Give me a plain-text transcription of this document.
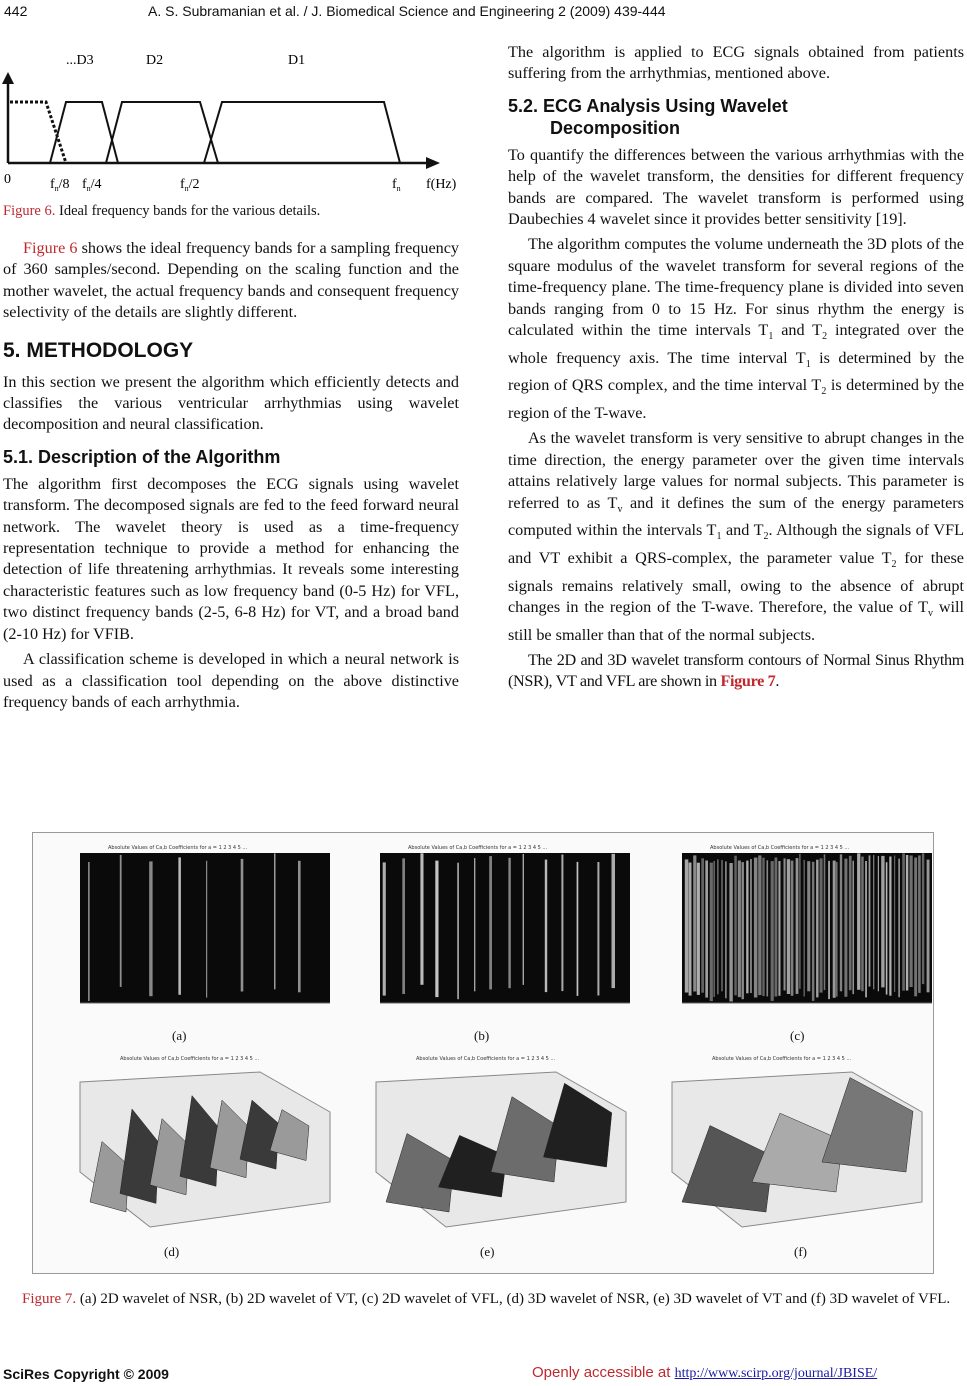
442	A. S. Subramanian et al. / J. Biomedical Science and Engineering 2 (2009) 439-444
...D3	D2	D1
0	$f_n/8$ $f_n/4$	$f_n/2$	$f_n$ f(Hz)
Figure 6. Ideal frequency bands for the various details.

Figure 6 shows the ideal frequency bands for a sampling frequency of 360 samples/second. Depending on the scaling function and the mother wavelet, the actual frequency bands and consequent frequency selectivity of the details are slightly different.

5. METHODOLOGY

In this section we present the algorithm which efficiently detects and classifies the various ventricular arrhythmias using wavelet decomposition and neural classification.

5.1. Description of the Algorithm

The algorithm first decomposes the ECG signals using wavelet transform. The decomposed signals are fed to the feed forward neural network. The wavelet theory is used as a time-frequency representation technique to provide a method for enhancing the detection of life threatening arrhythmias. It reveals some interesting characteristic features such as low frequency band (0-5 Hz) for VFL, two distinct frequency bands (2-5, 6-8 Hz) for VT, and a broad band (2-10 Hz) for VFIB.

A classification scheme is developed in which a neural network is used as a classification tool depending on the above distinctive frequency bands of each arrhythmia.

The algorithm is applied to ECG signals obtained from patients suffering from the arrhythmias, mentioned above.

5.2. ECG Analysis Using Wavelet
Decomposition

To quantify the differences between the various arrhythmias with the help of the wavelet transform, the densities for different frequency bands are compared. The wavelet transform is performed using Daubechies 4 wavelet since it provides better sensitivity [19].

The algorithm computes the volume underneath the 3D plots of the square modulus of the wavelet transform for several regions of the time-frequency plane. The time-frequency plane is divided into seven bands ranging from 0 to 15 Hz. For sinus rhythm the energy is calculated within the time intervals $T_1$ and $T_2$ integrated over the whole frequency axis. The time interval $T_1$ is determined by the region of QRS complex, and the time interval $T_2$ is determined by the region of the T-wave.

As the wavelet transform is very sensitive to abrupt changes in the time direction, the energy parameter over the given time intervals attains relatively large values for normal subjects. This parameter is referred to as $T_v$ and it defines the sum of the energy parameters computed within the intervals $T_1$ and $T_2$. Although the signals of VFL and VT exhibit a QRS-complex, the parameter value $T_2$ for these signals remains relatively small, owing to the absence of abrupt changes in the region of the T-wave. Therefore, the value of $T_v$ will still be smaller than that of the normal subjects.

The 2D and 3D wavelet transform contours of Normal Sinus Rhythm (NSR), VT and VFL are shown in Figure 7.

Absolute Values of Ca,b Coefficients for a = 1 2 3 4 5 ...	Absolute Values of Ca,b Coefficients for a = 1 2 3 4 5 ...	Absolute Values of Ca,b Coefficients for a = 1 2 3 4 5 ...
(a)	(b)	(c)
Absolute Values of Ca,b Coefficients for a = 1 2 3 4 5 ...	Absolute Values of Ca,b Coefficients for a = 1 2 3 4 5 ...	Absolute Values of Ca,b Coefficients for a = 1 2 3 4 5 ...
(d)	(e)	(f)
Figure 7. (a) 2D wavelet of NSR, (b) 2D wavelet of VT, (c) 2D wavelet of VFL, (d) 3D wavelet of NSR, (e) 3D wavelet of VT and (f) 3D wavelet of VFL.
SciRes Copyright © 2009	Openly accessible at http://www.scirp.org/journal/JBISE/
